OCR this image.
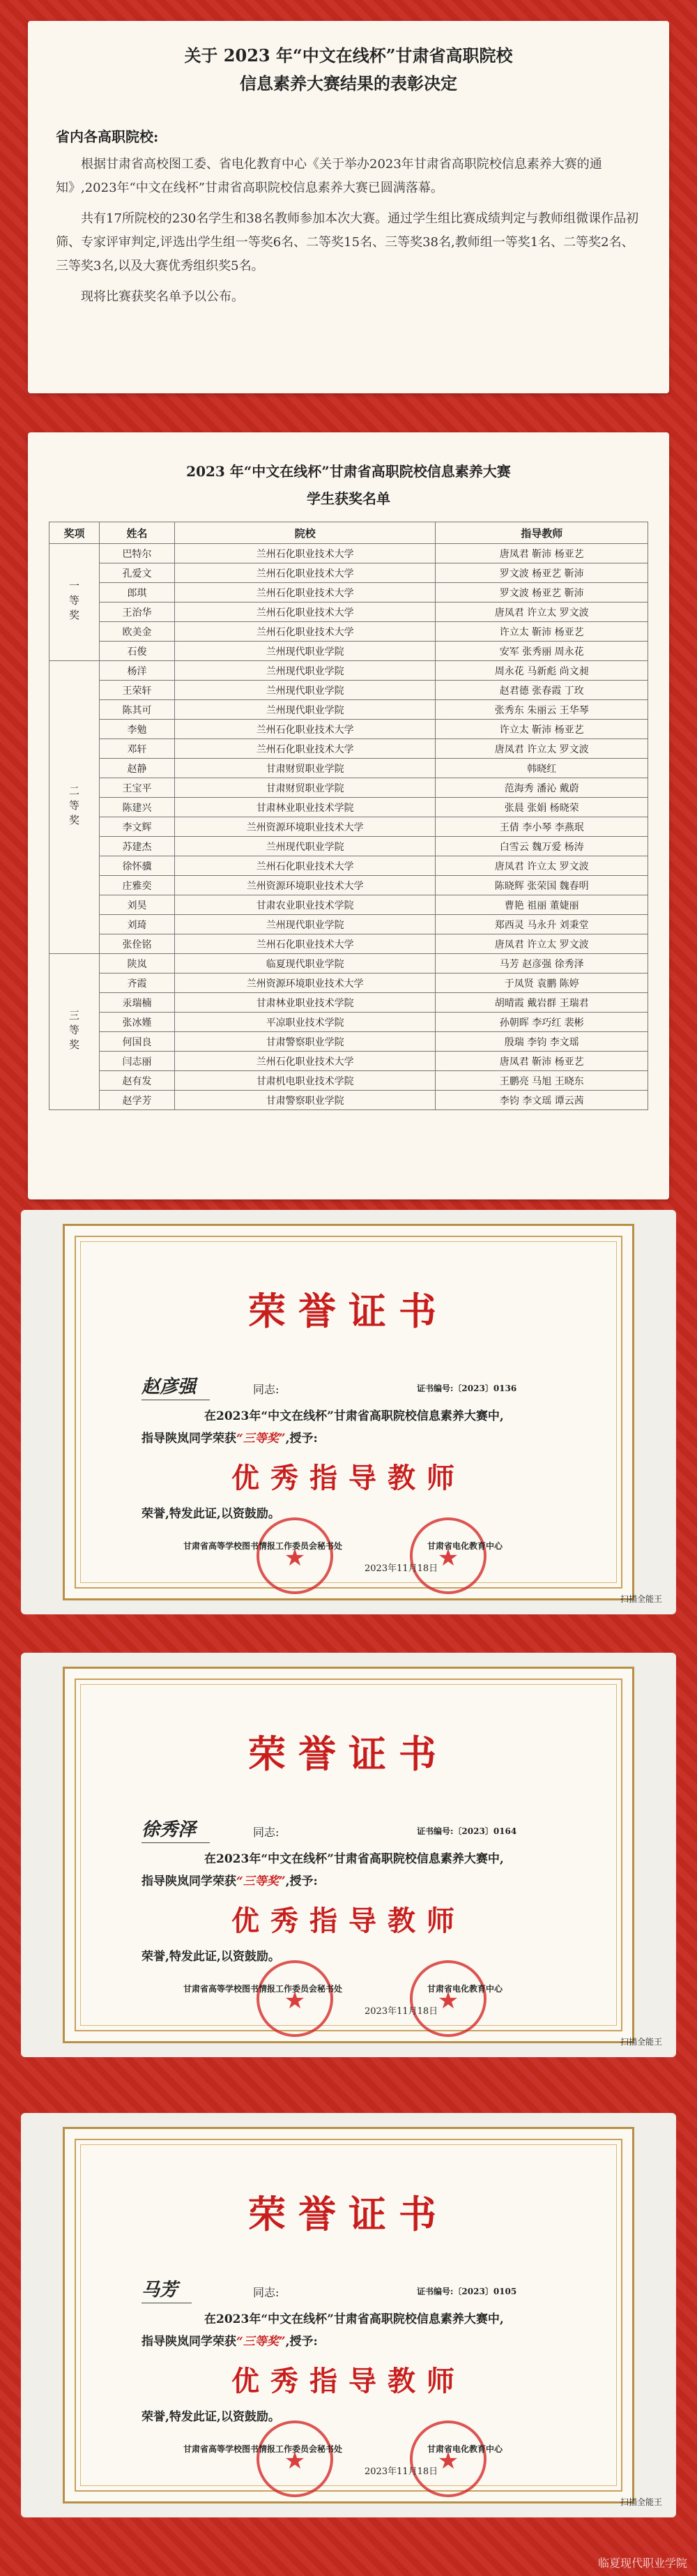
关于 2023 年“中文在线杯”甘肃省高职院校
信息素养大赛结果的表彰决定
省内各高职院校:

根据甘肃省高校图工委、省电化教育中心《关于举办2023年甘肃省高职院校信息素养大赛的通知》,2023年“中文在线杯”甘肃省高职院校信息素养大赛已圆满落幕。

共有17所院校的230名学生和38名教师参加本次大赛。通过学生组比赛成绩判定与教师组微课作品初筛、专家评审判定,评选出学生组一等奖6名、二等奖15名、三等奖38名,教师组一等奖1名、二等奖2名、三等奖3名,以及大赛优秀组织奖5名。

现将比赛获奖名单予以公布。

2023 年“中文在线杯”甘肃省高职院校信息素养大赛
学生获奖名单
奖项	姓名	院校	指导教师
一等奖	巴特尔	兰州石化职业技术大学	唐凤君 靳沛 杨亚艺
	孔爱文	兰州石化职业技术大学	罗文波 杨亚艺 靳沛
	郎琪	兰州石化职业技术大学	罗文波 杨亚艺 靳沛
	王治华	兰州石化职业技术大学	唐凤君 许立太 罗文波
	欧美金	兰州石化职业技术大学	许立太 靳沛 杨亚艺
	石俊	兰州现代职业学院	安军 张秀丽 周永花
二等奖	杨洋	兰州现代职业学院	周永花 马新彪 尚文昶
	王荣轩	兰州现代职业学院	赵君德 张春霞 丁玫
	陈其可	兰州现代职业学院	张秀东 朱丽云 王华琴
	李勉	兰州石化职业技术大学	许立太 靳沛 杨亚艺
	邓轩	兰州石化职业技术大学	唐凤君 许立太 罗文波
	赵静	甘肃财贸职业学院	韩晓红
	王宝平	甘肃财贸职业学院	范海秀 潘沁 戴蔚
	陈建兴	甘肃林业职业技术学院	张晨 张娟 杨晓荣
	李文辉	兰州资源环境职业技术大学	王倩 李小琴 李燕珉
	苏建杰	兰州现代职业学院	白雪云 魏万爱 杨涛
	徐怀骥	兰州石化职业技术大学	唐凤君 许立太 罗文波
	庄雅奕	兰州资源环境职业技术大学	陈晓辉 张荣国 魏春明
	刘昊	甘肃农业职业技术学院	曹艳 祖丽 董婕丽
	刘琦	兰州现代职业学院	郑西灵 马永升 刘秉堂
	张佺铭	兰州石化职业技术大学	唐凤君 许立太 罗文波
三等奖	陕岚	临夏现代职业学院	马芳 赵彦强 徐秀泽
	齐霞	兰州资源环境职业技术大学	于凤贤 袁鹏 陈婷
	汞瑞楠	甘肃林业职业技术学院	胡晴霞 戴岩群 王瑞君
	张冰嫤	平凉职业技术学院	孙朝晖 李巧红 裴彬
	何国良	甘肃警察职业学院	殷瑞 李钧 李文瑶
	闫志丽	兰州石化职业技术大学	唐凤君 靳沛 杨亚艺
	赵有发	甘肃机电职业技术学院	王鹏亮 马旭 王晓东
	赵学芳	甘肃警察职业学院	李钧 李文瑶 谭云茜
荣誉证书
赵彦强	同志:	证书编号:〔2023〕0136
在2023年“中文在线杯”甘肃省高职院校信息素养大赛中,
指导陕岚同学荣获“三等奖”,授予:
优秀指导教师
荣誉,特发此证,以资鼓励。
★	★
甘肃省高等学校图书情报工作委员会秘书处	甘肃省电化教育中心
2023年11月18日
扫描全能王
荣誉证书
徐秀泽	同志:	证书编号:〔2023〕0164
在2023年“中文在线杯”甘肃省高职院校信息素养大赛中,
指导陕岚同学荣获“三等奖”,授予:
优秀指导教师
荣誉,特发此证,以资鼓励。
★	★
甘肃省高等学校图书情报工作委员会秘书处	甘肃省电化教育中心
2023年11月18日
扫描全能王
荣誉证书
马芳	同志:	证书编号:〔2023〕0105
在2023年“中文在线杯”甘肃省高职院校信息素养大赛中,
指导陕岚同学荣获“三等奖”,授予:
优秀指导教师
荣誉,特发此证,以资鼓励。
★	★
甘肃省高等学校图书情报工作委员会秘书处	甘肃省电化教育中心
2023年11月18日
扫描全能王
临夏现代职业学院
